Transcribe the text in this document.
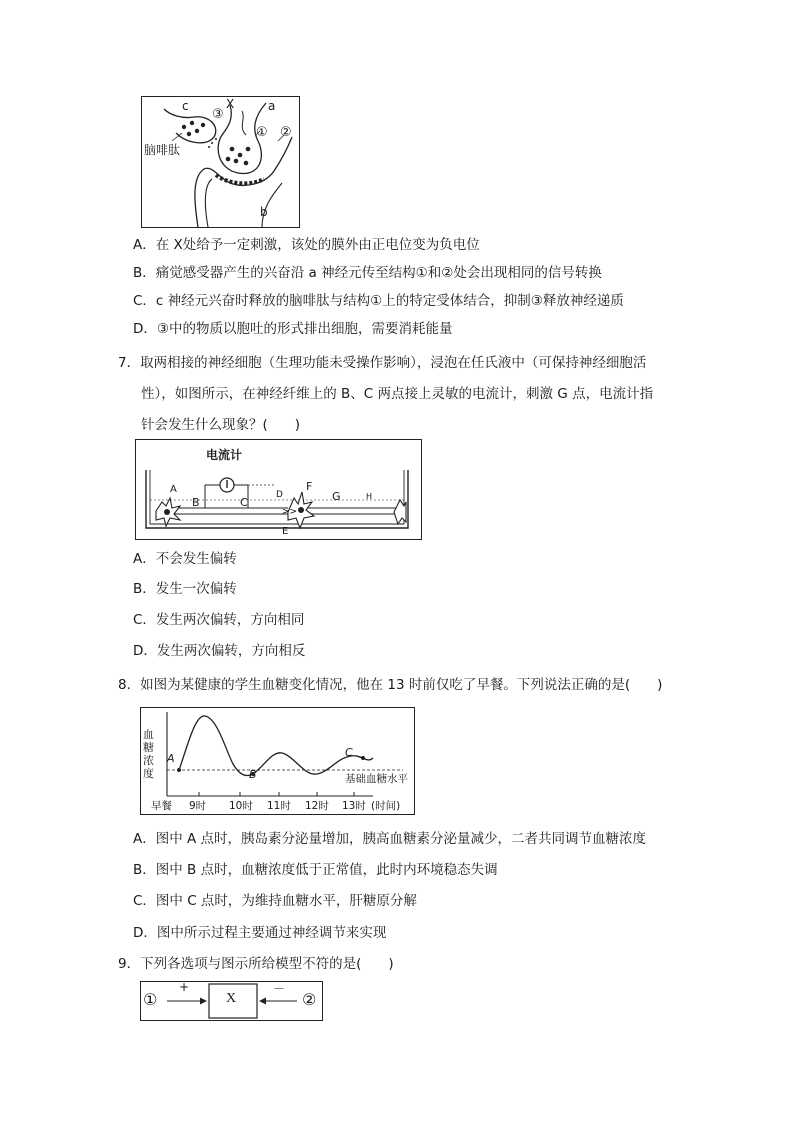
c	X
③
a
① ②
脑啡肽
b
A．在 X处给予一定刺激，该处的膜外由正电位变为负电位
B．痛觉感受器产生的兴奋沿 a 神经元传至结构①和②处会出现相同的信号转换
C．c 神经元兴奋时释放的脑啡肽与结构①上的特定受体结合，抑制③释放神经递质
D．③中的物质以胞吐的形式排出细胞，需要消耗能量
7．取两相接的神经细胞（生理功能未受操作影响），浸泡在任氏液中（可保持神经细胞活
性），如图所示，在神经纤维上的 B、C 两点接上灵敏的电流计，刺激 G 点，电流计指
针会发生什么现象？(　　)
>>
电流计
A
B	C
D
E
F
G	H
A．不会发生偏转
B．发生一次偏转
C．发生两次偏转，方向相同
D．发生两次偏转，方向相反
8．如图为某健康的学生血糖变化情况，他在 13 时前仅吃了早餐。下列说法正确的是(　　)
血糖浓度
A
B
C
基础血糖水平
早餐 9时 10时 11时 12时 13时 (时间)
A．图中 A 点时，胰岛素分泌量增加，胰高血糖素分泌量减少，二者共同调节血糖浓度
B．图中 B 点时，血糖浓度低于正常值，此时内环境稳态失调
C．图中 C 点时，为维持血糖水平，肝糖原分解
D．图中所示过程主要通过神经调节来实现
9．下列各选项与图示所给模型不符的是(　　)
①
+
X
－
②
